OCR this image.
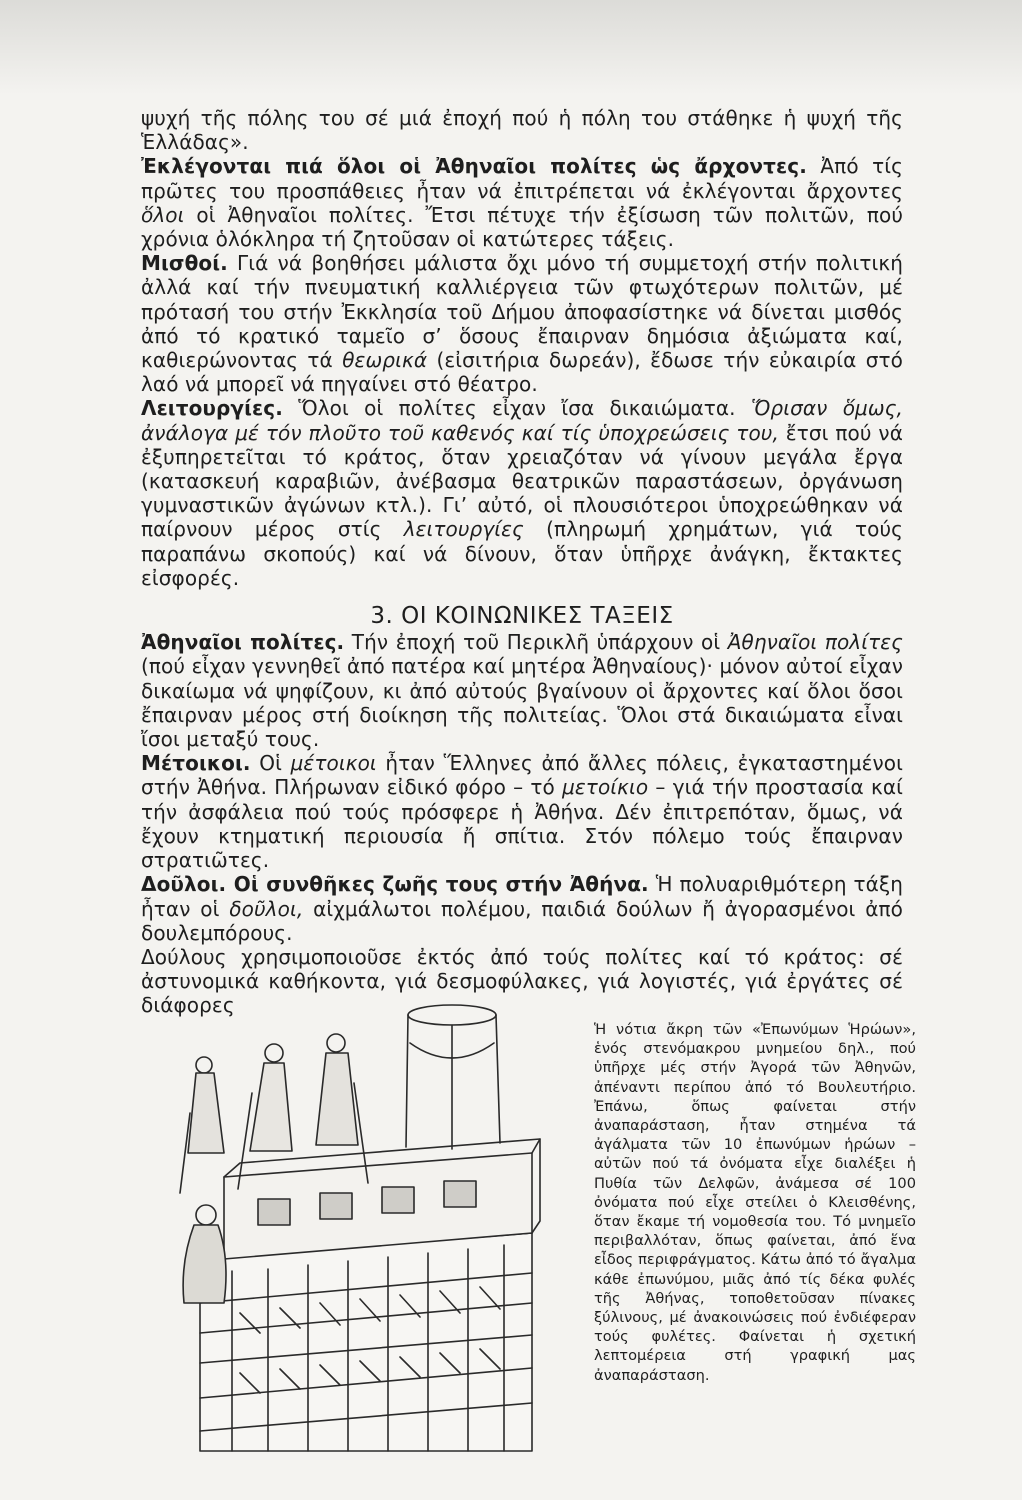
ψυχή τῆς πόλης του σέ μιά ἐποχή πού ἡ πόλη του στάθηκε ἡ ψυχή τῆς Ἑλλάδας».

Ἐκλέγονται πιά ὅλοι οἱ Ἀθηναῖοι πολίτες ὡς ἄρχοντες. Ἀπό τίς πρῶτες του προσπάθειες ἦταν νά ἐπιτρέπεται νά ἐκλέγονται ἄρχοντες ὅλοι οἱ Ἀθηναῖοι πολίτες. Ἔτσι πέτυχε τήν ἐξίσωση τῶν πολιτῶν, πού χρόνια ὁλόκληρα τή ζητοῦσαν οἱ κατώτερες τάξεις.

Μισθοί. Γιά νά βοηθήσει μάλιστα ὄχι μόνο τή συμμετοχή στήν πολιτική ἀλλά καί τήν πνευματική καλλιέργεια τῶν φτωχότερων πολιτῶν, μέ πρότασή του στήν Ἐκκλησία τοῦ Δήμου ἀποφασίστηκε νά δίνεται μισθός ἀπό τό κρατικό ταμεῖο σ’ ὅσους ἔπαιρναν δημόσια ἀξιώματα καί, καθιερώνοντας τά θεωρικά (εἰσιτήρια δωρεάν), ἔδωσε τήν εὐκαιρία στό λαό νά μπορεῖ νά πηγαίνει στό θέατρο.

Λειτουργίες. Ὅλοι οἱ πολίτες εἶχαν ἴσα δικαιώματα. Ὅρισαν ὅμως, ἀνάλογα μέ τόν πλοῦτο τοῦ καθενός καί τίς ὑποχρεώσεις του, ἔτσι πού νά ἐξυπηρετεῖται τό κράτος, ὅταν χρειαζόταν νά γίνουν μεγάλα ἔργα (κατασκευή καραβιῶν, ἀνέβασμα θεατρικῶν παραστάσεων, ὀργάνωση γυμναστικῶν ἀγώνων κτλ.). Γι’ αὐτό, οἱ πλουσιότεροι ὑποχρεώθηκαν νά παίρνουν μέρος στίς λειτουργίες (πληρωμή χρημάτων, γιά τούς παραπάνω σκοπούς) καί νά δίνουν, ὅταν ὑπῆρχε ἀνάγκη, ἔκτακτες εἰσφορές.

3. ΟΙ ΚΟΙΝΩΝΙΚΕΣ ΤΑΞΕΙΣ

Ἀθηναῖοι πολίτες. Τήν ἐποχή τοῦ Περικλῆ ὑπάρχουν οἱ Ἀθηναῖοι πολίτες (πού εἶχαν γεννηθεῖ ἀπό πατέρα καί μητέρα Ἀθηναίους)· μόνον αὐτοί εἶχαν δικαίωμα νά ψηφίζουν, κι ἀπό αὐτούς βγαίνουν οἱ ἄρχοντες καί ὅλοι ὅσοι ἔπαιρναν μέρος στή διοίκηση τῆς πολιτείας. Ὅλοι στά δικαιώματα εἶναι ἴσοι μεταξύ τους.

Μέτοικοι. Οἱ μέτοικοι ἦταν Ἕλληνες ἀπό ἄλλες πόλεις, ἐγκαταστημένοι στήν Ἀθήνα. Πλήρωναν εἰδικό φόρο – τό μετοίκιο – γιά τήν προστασία καί τήν ἀσφάλεια πού τούς πρόσφερε ἡ Ἀθήνα. Δέν ἐπιτρεπόταν, ὅμως, νά ἔχουν κτηματική περιουσία ἤ σπίτια. Στόν πόλεμο τούς ἔπαιρναν στρατιῶτες.

Δοῦλοι. Οἱ συνθῆκες ζωῆς τους στήν Ἀθήνα. Ἡ πολυαριθμότερη τάξη ἦταν οἱ δοῦλοι, αἰχμάλωτοι πολέμου, παιδιά δούλων ἤ ἀγορασμένοι ἀπό δουλεμπόρους.

Δούλους χρησιμοποιοῦσε ἐκτός ἀπό τούς πολίτες καί τό κράτος: σέ ἀστυνομικά καθήκοντα, γιά δεσμοφύλακες, γιά λογιστές, γιά ἐργάτες σέ διάφορες

Ἡ νότια ἄκρη τῶν «Ἐπωνύμων Ἡρώων», ἑνός στενόμακρου μνημείου δηλ., πού ὑπῆρχε μές στήν Ἀγορά τῶν Ἀθηνῶν, ἀπέναντι περίπου ἀπό τό Βουλευτήριο. Ἐπάνω, ὅπως φαίνεται στήν ἀναπαράσταση, ἦταν στημένα τά ἀγάλματα τῶν 10 ἐπωνύμων ἡρώων – αὐτῶν πού τά ὀνόματα εἶχε διαλέξει ἡ Πυθία τῶν Δελφῶν, ἀνάμεσα σέ 100 ὀνόματα πού εἶχε στείλει ὁ Κλεισθένης, ὅταν ἔκαμε τή νομοθεσία του. Τό μνημεῖο περιβαλλόταν, ὅπως φαίνεται, ἀπό ἕνα εἶδος περιφράγματος. Κάτω ἀπό τό ἄγαλμα κάθε ἐπωνύμου, μιᾶς ἀπό τίς δέκα φυλές τῆς Ἀθήνας, τοποθετοῦσαν πίνακες ξύλινους, μέ ἀνακοινώσεις πού ἐνδιέφεραν τούς φυλέτες. Φαίνεται ἡ σχετική λεπτομέρεια στή γραφική μας ἀναπαράσταση.
